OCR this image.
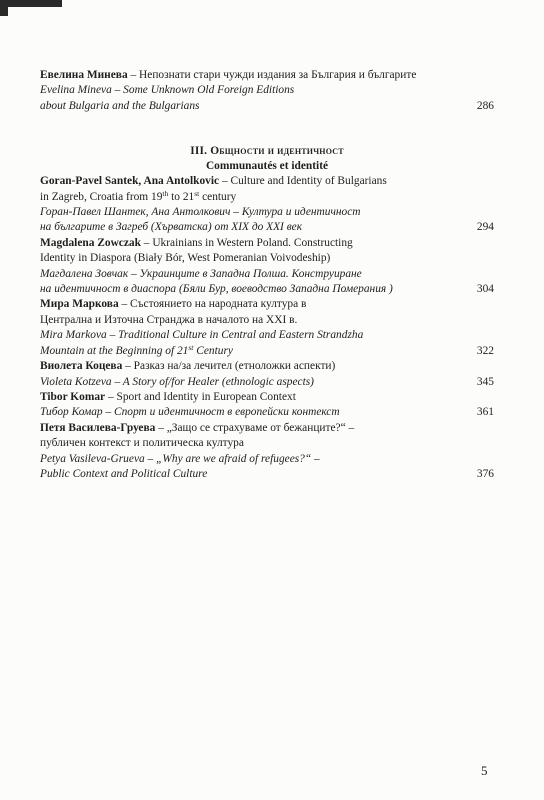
Евелина Минева – Непознати стари чужди издания за България и българите
Evelina Mineva – Some Unknown Old Foreign Editions
about Bulgaria and the Bulgarians	286
III. Общности и идентичност
Communautés et identité
Goran-Pavel Santek, Ana Antolkovic – Culture and Identity of Bulgarians
in Zagreb, Croatia from 19th to 21st century
Горан-Павел Шантек, Ана Антолкович – Култура и идентичност
на българите в Загреб (Хърватска) от XIX до XXI век	294
Magdalena Zowczak – Ukrainians in Western Poland. Constructing
Identity in Diaspora (Biały Bór, West Pomeranian Voivodeship)
Магдалена Зовчак – Украинците в Западна Полша. Конструиране
на идентичност в диаспора (Бяли Бур, воеводство Западна Померания )	304
Мира Маркова – Състоянието на народната култура в
Централна и Източна Странджа в началото на XXI в.
Mira Markova – Traditional Culture in Central and Eastern Strandzha
Mountain at the Beginning of 21st Century	322
Виолета Коцева – Разказ на/за лечител (етноложки аспекти)
Violeta Kotzeva – A Story of/for Healer (ethnologic aspects)	345
Tibor Komar – Sport and Identity in European Context
Тибор Комар – Спорт и идентичност в европейски контекст	361
Петя Василева-Груева – „Защо се страхуваме от бежанците?“ –
публичен контекст и политическа култура
Petya Vasileva-Grueva – „Why are we afraid of refugees?“ –
Public Context and Political Culture	376
5
